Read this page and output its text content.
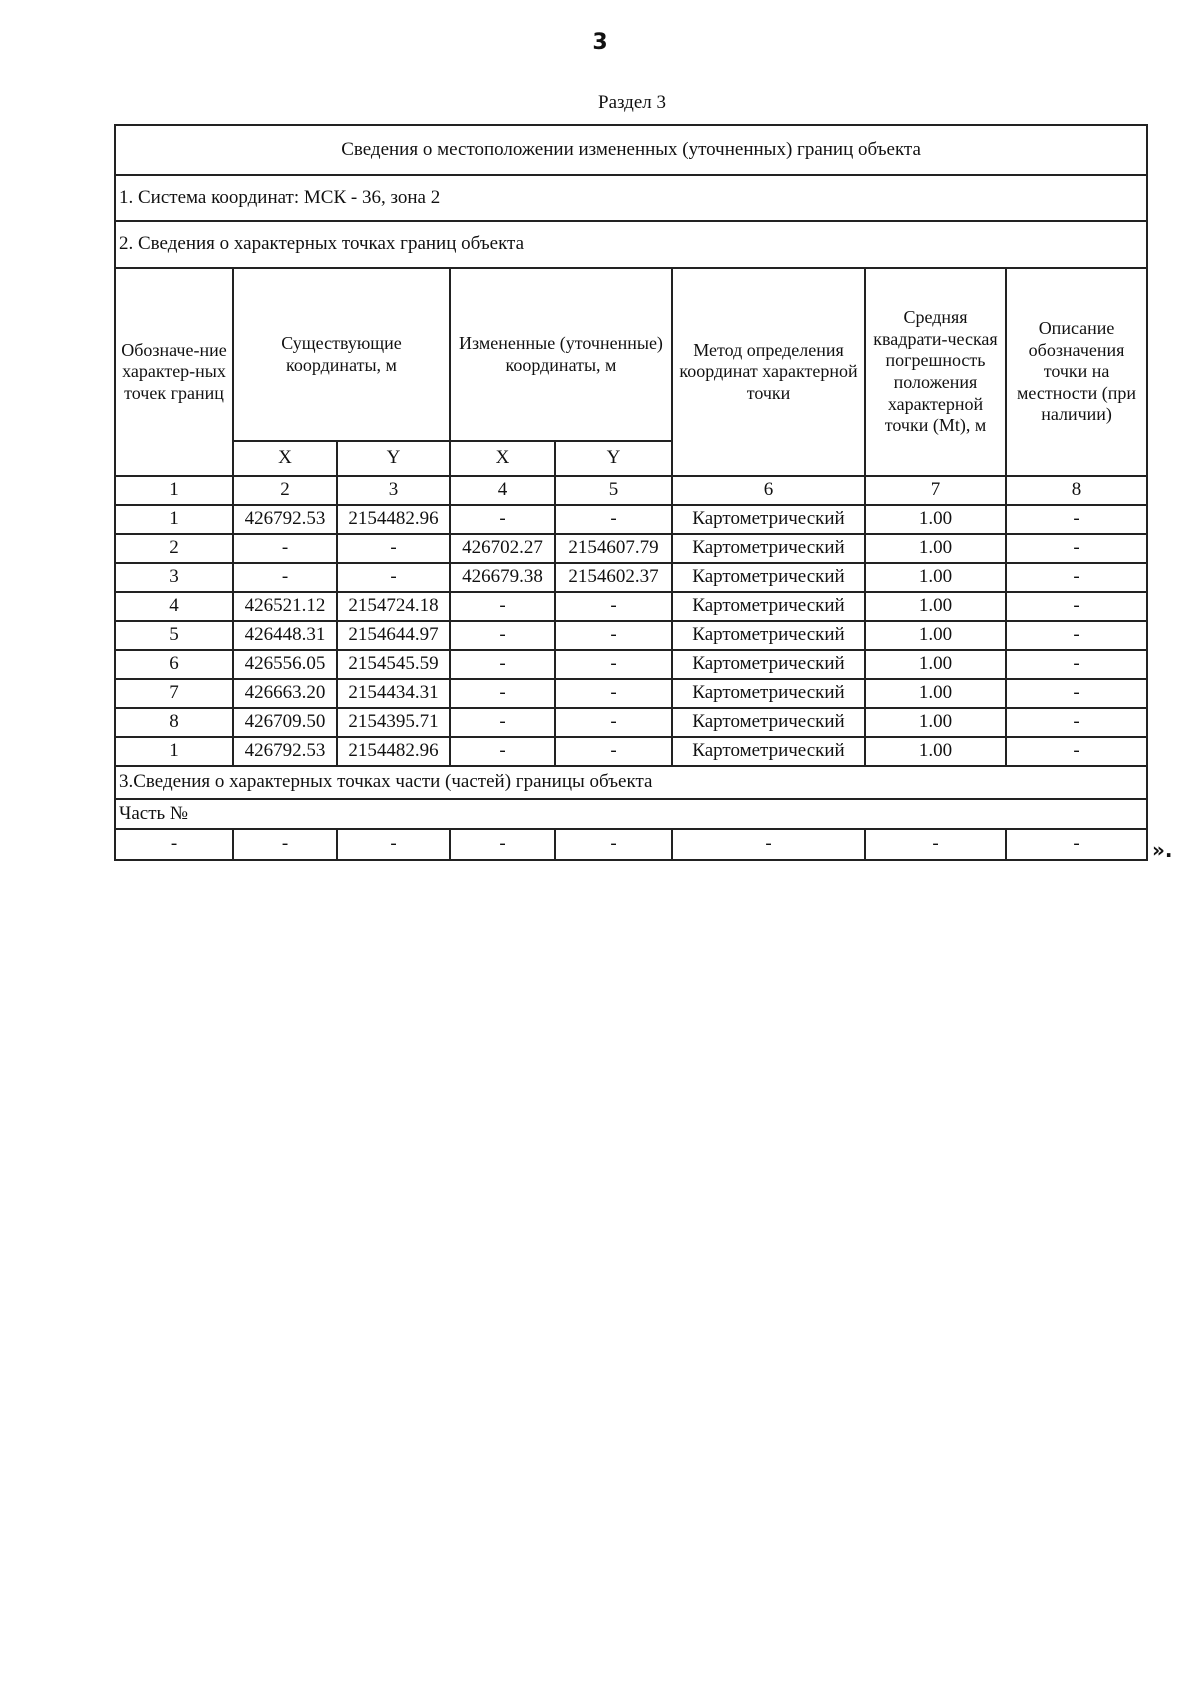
3
Раздел 3
Сведения о местоположении измененных (уточненных) границ объекта							
1. Система координат: МСК - 36, зона 2							
2. Сведения о характерных точках границ объекта							
Обозначе-ние характер-ных точек границ	Существующие координаты, м		Измененные (уточненные) координаты, м		Метод определения координат характерной точки	Средняя квадрати-ческая погрешность положения характерной точки (Mt), м	Описание обозначения точки на местности (при наличии)
	X	Y	X	Y			
1	2	3	4	5	6	7	8
1	426792.53	2154482.96	-	-	Картометрический	1.00	-
2	-	-	426702.27	2154607.79	Картометрический	1.00	-
3	-	-	426679.38	2154602.37	Картометрический	1.00	-
4	426521.12	2154724.18	-	-	Картометрический	1.00	-
5	426448.31	2154644.97	-	-	Картометрический	1.00	-
6	426556.05	2154545.59	-	-	Картометрический	1.00	-
7	426663.20	2154434.31	-	-	Картометрический	1.00	-
8	426709.50	2154395.71	-	-	Картометрический	1.00	-
1	426792.53	2154482.96	-	-	Картометрический	1.00	-
3.Сведения о характерных точках части (частей) границы объекта							
Часть №							
-	-	-	-	-	-	-	-	».
